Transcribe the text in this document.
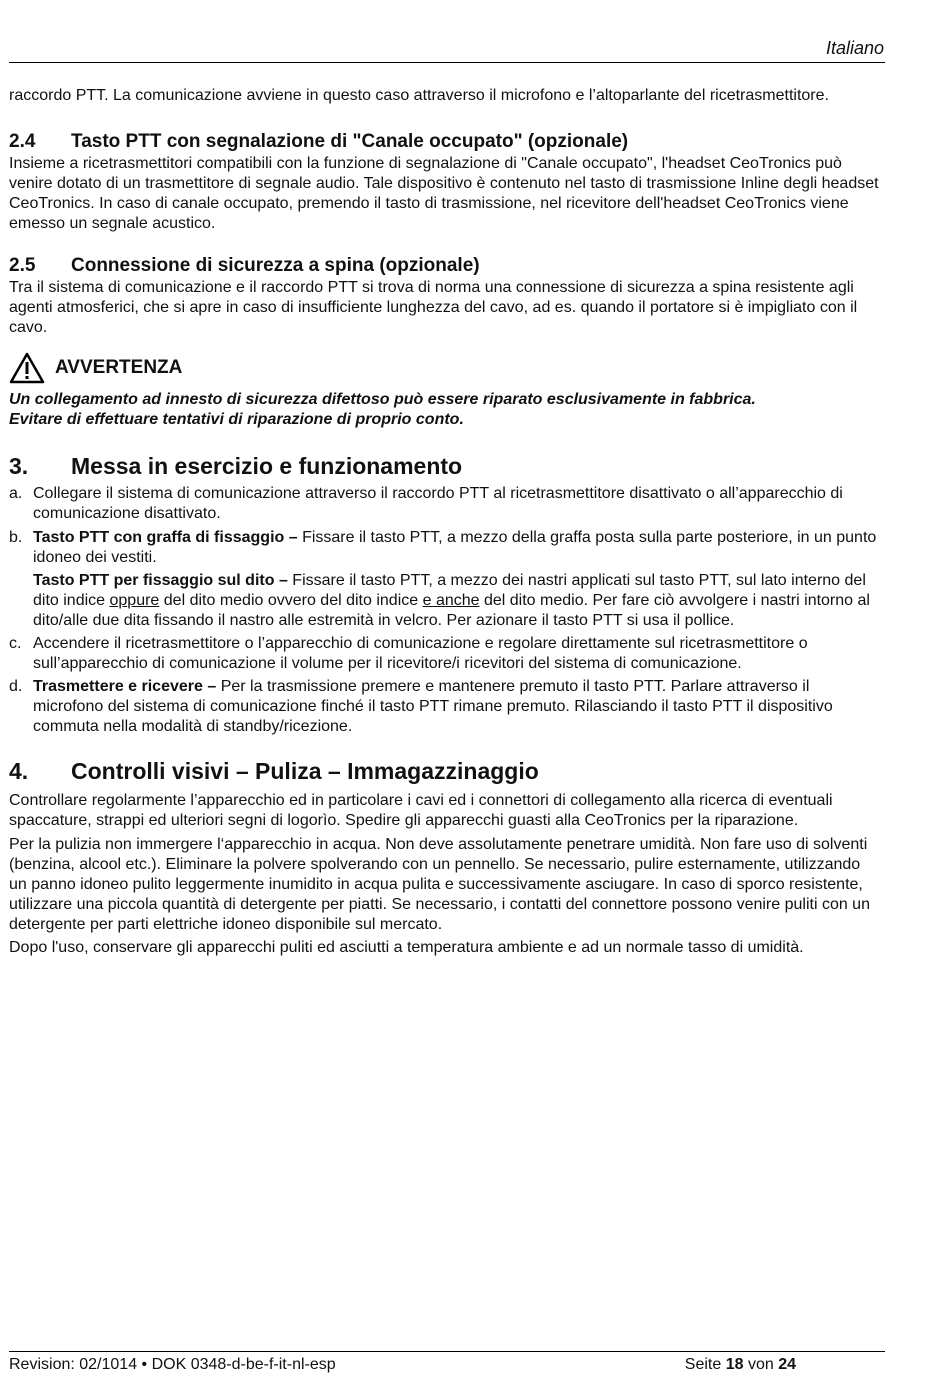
Italiano

raccordo PTT. La comunicazione avviene in questo caso attraverso il microfono e l’altoparlante del ricetrasmettitore.

2.4	Tasto PTT con segnalazione di "Canale occupato" (opzionale)

Insieme a ricetrasmettitori compatibili con la funzione di segnalazione di "Canale occupato", l'headset CeoTronics può venire dotato di un trasmettitore di segnale audio. Tale dispositivo è contenuto nel tasto di trasmissione Inline degli headset CeoTronics. In caso di canale occupato, premendo il tasto di trasmissione, nel ricevitore dell'headset CeoTronics viene emesso un segnale acustico.

2.5	Connessione di sicurezza a spina (opzionale)

Tra il sistema di comunicazione e il raccordo PTT si trova di norma una connessione di sicurezza a spina resistente agli agenti atmosferici, che si apre in caso di insufficiente lunghezza del cavo, ad es. quando il portatore si è impigliato con il cavo.

AVVERTENZA
Un collegamento ad innesto di sicurezza difettoso può essere riparato esclusivamente in fabbrica.
Evitare di effettuare tentativi di riparazione di proprio conto.
3.	Messa in esercizio e funzionamento
a. Collegare il sistema di comunicazione attraverso il raccordo PTT al ricetrasmettitore disattivato o all’apparecchio di comunicazione disattivato.
b. Tasto PTT con graffa di fissaggio – Fissare il tasto PTT, a mezzo della graffa posta sulla parte posteriore, in un punto idoneo dei vestiti.
Tasto PTT per fissaggio sul dito – Fissare il tasto PTT, a mezzo dei nastri applicati sul tasto PTT, sul lato interno del dito indice oppure del dito medio ovvero del dito indice e anche del dito medio. Per fare ciò avvolgere i nastri intorno al dito/alle due dita fissando il nastro alle estremità in velcro. Per azionare il tasto PTT si usa il pollice.
c. Accendere il ricetrasmettitore o l’apparecchio di comunicazione e regolare direttamente sul ricetrasmettitore o sull’apparecchio di comunicazione il volume per il ricevitore/i ricevitori del sistema di comunicazione.
d. Trasmettere e ricevere – Per la trasmissione premere e mantenere premuto il tasto PTT. Parlare attraverso il microfono del sistema di comunicazione finché il tasto PTT rimane premuto. Rilasciando il tasto PTT il dispositivo commuta nella modalità di standby/ricezione.
4.	Controlli visivi – Puliza – Immagazzinaggio

Controllare regolarmente l’apparecchio ed in particolare i cavi ed i connettori di collegamento alla ricerca di eventuali spaccature, strappi ed ulteriori segni di logorìo. Spedire gli apparecchi guasti alla CeoTronics per la riparazione.

Per la pulizia non immergere l‘apparecchio in acqua. Non deve assolutamente penetrare umidità. Non fare uso di solventi (benzina, alcool etc.). Eliminare la polvere spolverando con un pennello. Se necessario, pulire esternamente, utilizzando un panno idoneo pulito leggermente inumidito in acqua pulita e successivamente asciugare. In caso di sporco resistente, utilizzare una piccola quantità di detergente per piatti. Se necessario, i contatti del connettore possono venire puliti con un detergente per parti elettriche idoneo disponibile sul mercato.

Dopo l'uso, conservare gli apparecchi puliti ed asciutti a temperatura ambiente e ad un normale tasso di umidità.

Revision: 02/1014 • DOK 0348-d-be-f-it-nl-esp	Seite 18 von 24
